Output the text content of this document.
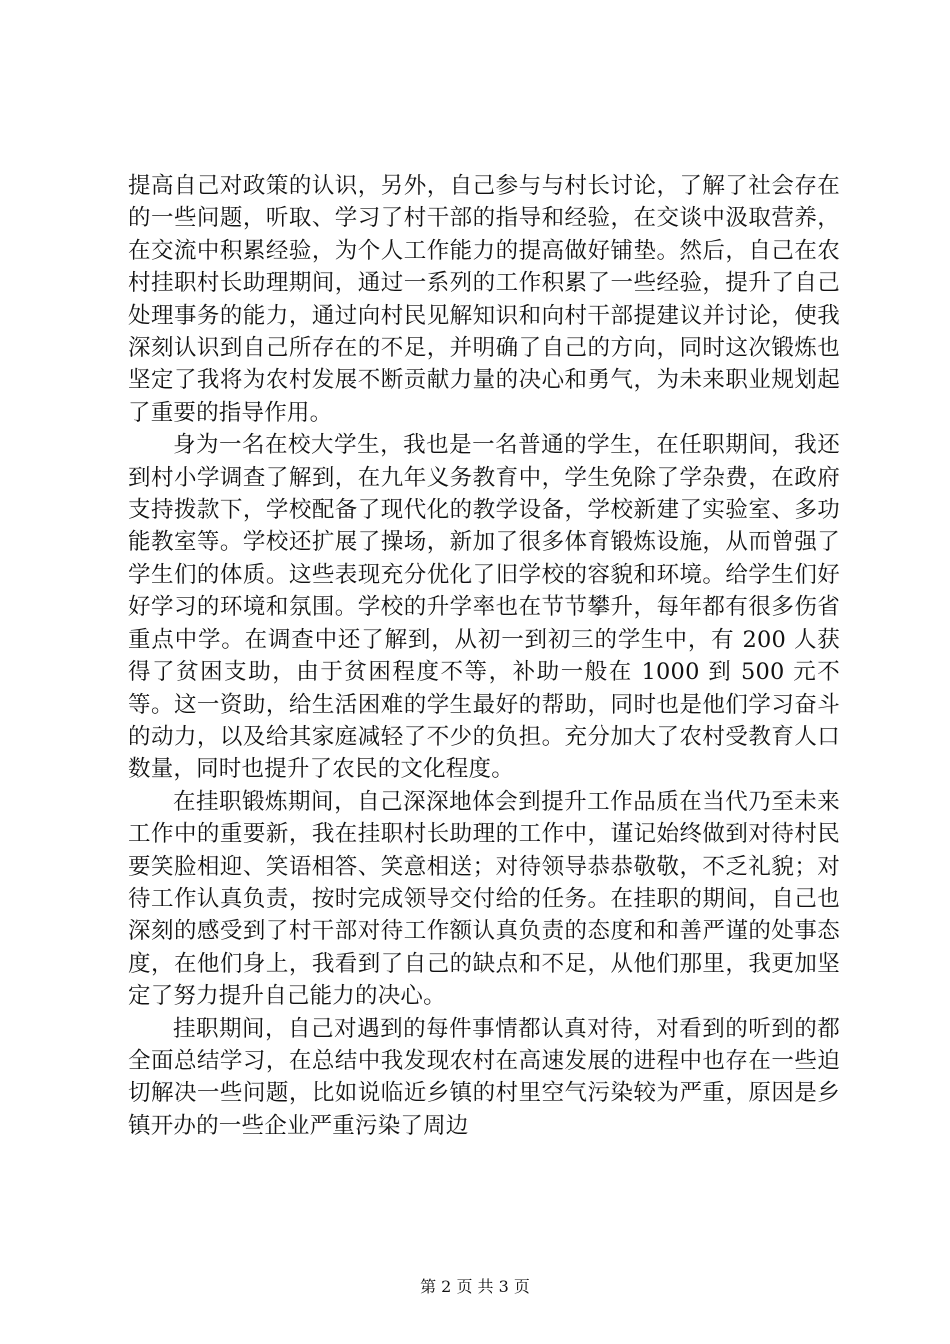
提高自己对政策的认识，另外，自己参与与村长讨论，了解了社会存在的一些问题，听取、学习了村干部的指导和经验，在交谈中汲取营养，在交流中积累经验，为个人工作能力的提高做好铺垫。然后，自己在农村挂职村长助理期间，通过一系列的工作积累了一些经验，提升了自己处理事务的能力，通过向村民见解知识和向村干部提建议并讨论，使我深刻认识到自己所存在的不足，并明确了自己的方向，同时这次锻炼也坚定了我将为农村发展不断贡献力量的决心和勇气，为未来职业规划起了重要的指导作用。

身为一名在校大学生，我也是一名普通的学生，在任职期间，我还到村小学调查了解到，在九年义务教育中，学生免除了学杂费，在政府支持拨款下，学校配备了现代化的教学设备，学校新建了实验室、多功能教室等。学校还扩展了操场，新加了很多体育锻炼设施，从而曾强了学生们的体质。这些表现充分优化了旧学校的容貌和环境。给学生们好好学习的环境和氛围。学校的升学率也在节节攀升，每年都有很多伤省重点中学。在调查中还了解到，从初一到初三的学生中，有 200 人获得了贫困支助，由于贫困程度不等，补助一般在 1000 到 500 元不等。这一资助，给生活困难的学生最好的帮助，同时也是他们学习奋斗的动力，以及给其家庭减轻了不少的负担。充分加大了农村受教育人口数量，同时也提升了农民的文化程度。

在挂职锻炼期间，自己深深地体会到提升工作品质在当代乃至未来工作中的重要新，我在挂职村长助理的工作中，谨记始终做到对待村民要笑脸相迎、笑语相答、笑意相送；对待领导恭恭敬敬，不乏礼貌；对待工作认真负责，按时完成领导交付给的任务。在挂职的期间，自己也深刻的感受到了村干部对待工作额认真负责的态度和和善严谨的处事态度，在他们身上，我看到了自己的缺点和不足，从他们那里，我更加坚定了努力提升自己能力的决心。

挂职期间，自己对遇到的每件事情都认真对待，对看到的听到的都全面总结学习，在总结中我发现农村在高速发展的进程中也存在一些迫切解决一些问题，比如说临近乡镇的村里空气污染较为严重，原因是乡镇开办的一些企业严重污染了周边

第 2 页 共 3 页
